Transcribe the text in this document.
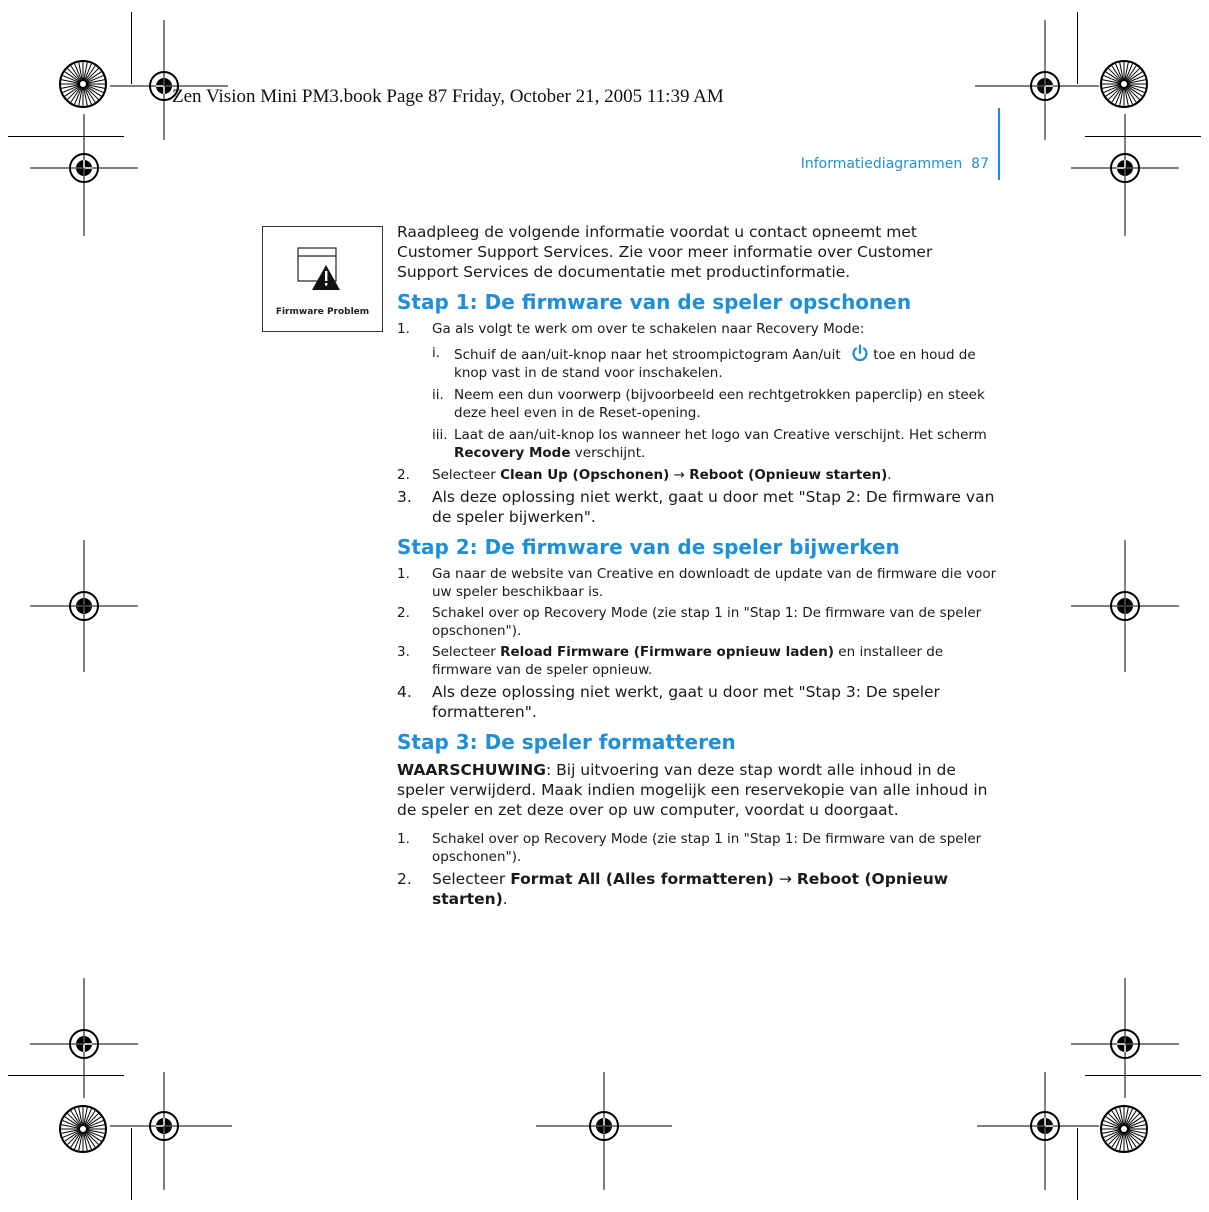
Zen Vision Mini PM3.book Page 87 Friday, October 21, 2005 11:39 AM
Informatiediagrammen 87
Firmware Problem

Raadpleeg de volgende informatie voordat u contact opneemt met Customer Support Services. Zie voor meer informatie over Customer Support Services de documentatie met productinformatie.

Stap 1: De firmware van de speler opschonen
1. Ga als volgt te werk om over te schakelen naar Recovery Mode:
i. Schuif de aan/uit-knop naar het stroompictogram Aan/uit  toe en houd de knop vast in de stand voor inschakelen.
ii. Neem een dun voorwerp (bijvoorbeeld een rechtgetrokken paperclip) en steek deze heel even in de Reset-opening.
iii. Laat de aan/uit-knop los wanneer het logo van Creative verschijnt. Het scherm Recovery Mode verschijnt.
2. Selecteer Clean Up (Opschonen) → Reboot (Opnieuw starten).
3. Als deze oplossing niet werkt, gaat u door met "Stap 2: De firmware van de speler bijwerken".
Stap 2: De firmware van de speler bijwerken
1. Ga naar de website van Creative en downloadt de update van de firmware die voor uw speler beschikbaar is.
2. Schakel over op Recovery Mode (zie stap 1 in "Stap 1: De firmware van de speler opschonen").
3. Selecteer Reload Firmware (Firmware opnieuw laden) en installeer de firmware van de speler opnieuw.
4. Als deze oplossing niet werkt, gaat u door met "Stap 3: De speler formatteren".
Stap 3: De speler formatteren

WAARSCHUWING: Bij uitvoering van deze stap wordt alle inhoud in de speler verwijderd. Maak indien mogelijk een reservekopie van alle inhoud in de speler en zet deze over op uw computer, voordat u doorgaat.

1. Schakel over op Recovery Mode (zie stap 1 in "Stap 1: De firmware van de speler opschonen").
2. Selecteer Format All (Alles formatteren) → Reboot (Opnieuw starten).
